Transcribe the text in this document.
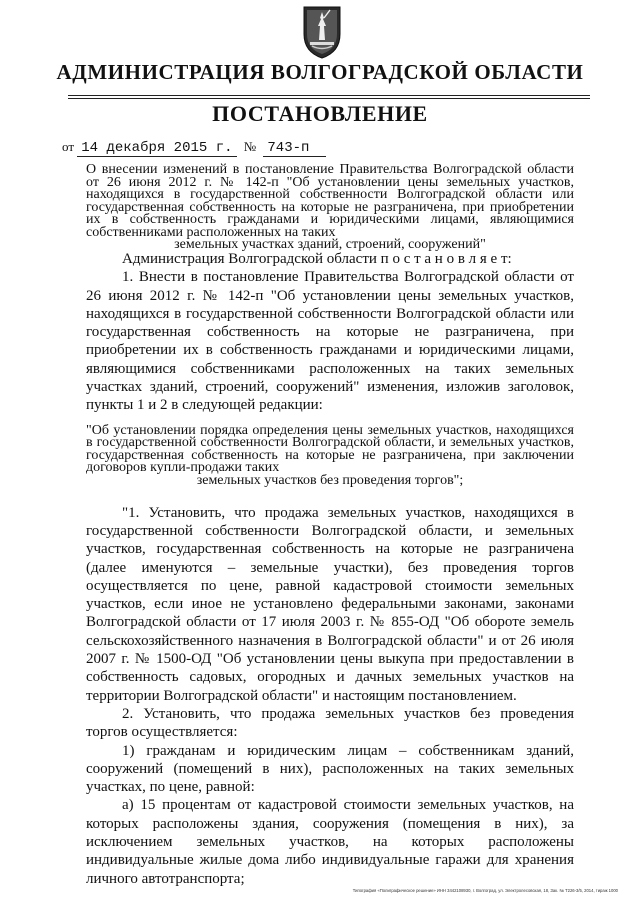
АДМИНИСТРАЦИЯ ВОЛГОГРАДСКОЙ ОБЛАСТИ
ПОСТАНОВЛЕНИЕ
от 14 декабря 2015 г. № 743-п
О внесении изменений в постановление Правительства Волгоградской области от 26 июня 2012 г. № 142-п "Об установлении цены земельных участков, находящихся в государственной собственности Волгоградской области или государственная собственность на которые не разграничена, при приобретении их в собственность гражданами и юридическими лицами, являющимися собственниками расположенных на таких
земельных участках зданий, строений, сооружений"

Администрация Волгоградской области п о с т а н о в л я е т:

1. Внести в постановление Правительства Волгоградской области от 26 июня 2012 г. № 142-п "Об установлении цены земельных участков, находящихся в государственной собственности Волгоградской области или государственная собственность на которые не разграничена, при приобретении их в собственность гражданами и юридическими лицами, являющимися собственниками расположенных на таких земельных участках зданий, строений, сооружений" изменения, изложив заголовок, пункты 1 и 2 в следующей редакции:

"Об установлении порядка определения цены земельных участков, находящихся в государственной собственности Волгоградской области, и земельных участков, государственная собственность на которые не разграничена, при заключении договоров купли-продажи таких
земельных участков без проведения торгов";

"1. Установить, что продажа земельных участков, находящихся в государственной собственности Волгоградской области, и земельных участков, государственная собственность на которые не разграничена (далее именуются – земельные участки), без проведения торгов осуществляется по цене, равной кадастровой стоимости земельных участков, если иное не установлено федеральными законами, законами Волгоградской области от 17 июля 2003 г. № 855-ОД "Об обороте земель сельскохозяйственного назначения в Волгоградской области" и от 26 июля 2007 г. № 1500-ОД "Об установлении цены выкупа при предоставлении в собственность садовых, огородных и дачных земельных участков на территории Волгоградской области" и настоящим постановлением.

2. Установить, что продажа земельных участков без проведения торгов осуществляется:

1) гражданам и юридическим лицам – собственникам зданий, сооружений (помещений в них), расположенных на таких земельных участках, по цене, равной:

а) 15 процентам от кадастровой стоимости земельных участков, на которых расположены здания, сооружения (помещения в них), за исключением земельных участков, на которых расположены индивидуальные жилые дома либо индивидуальные гаражи для хранения личного автотранспорта;

Типография «Полиграфическое решение» ИНН 3442108930, г. Волгоград, ул. Электролесовская, 18, Зак. № Т226-3/5, 2014, тираж 1000
